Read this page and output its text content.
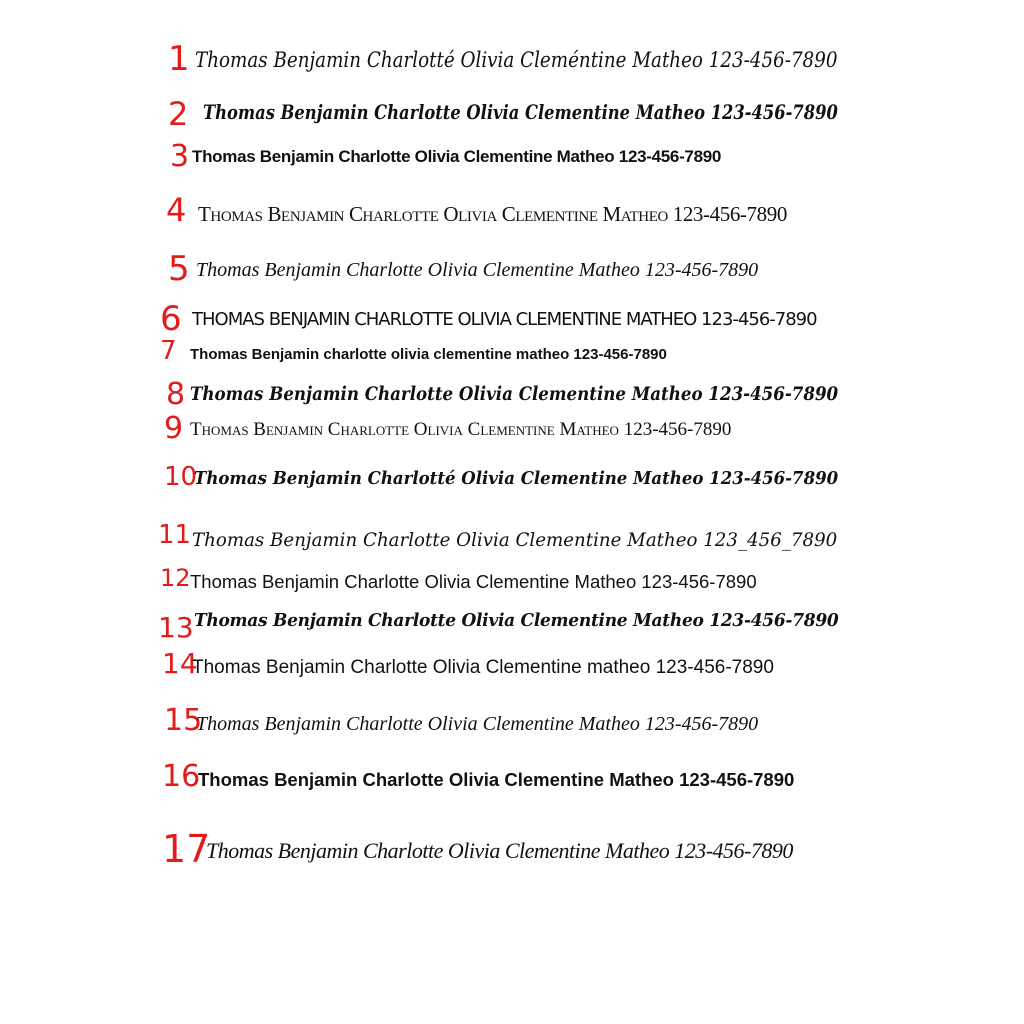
1 Thomas Benjamin Charlotté Olivia Cleméntine Matheo 123-456-7890
2 Thomas Benjamin Charlotte Olivia Clementine Matheo 123-456-7890
3 Thomas Benjamin Charlotte Olivia Clementine Matheo 123-456-7890
4 Thomas Benjamin Charlotte Olivia Clementine Matheo 123-456-7890
5 Thomas Benjamin Charlotte Olivia Clementine Matheo 123-456-7890
6 THOMAS BENJAMIN CHARLOTTE OLIVIA CLEMENTINE MATHEO 123-456-7890
7 Thomas Benjamin charlotte olivia clementine matheo 123-456-7890
8 Thomas Benjamin Charlotte Olivia Clementine Matheo 123-456-7890
9 Thomas Benjamin Charlotte Olivia Clementine Matheo 123-456-7890
10
Thomas Benjamin Charlotté Olivia Clementine Matheo 123-456-7890
11 Thomas Benjamin Charlotte Olivia Clementine Matheo 123_456_7890
12 Thomas Benjamin Charlotte Olivia Clementine Matheo 123-456-7890
13 Thomas Benjamin Charlotte Olivia Clementine Matheo 123-456-7890
14
Thomas Benjamin Charlotte Olivia Clementine matheo 123-456-7890
15
Thomas Benjamin Charlotte Olivia Clementine Matheo 123-456-7890
16
Thomas Benjamin Charlotte Olivia Clementine Matheo 123-456-7890
17
Thomas Benjamin Charlotte Olivia Clementine Matheo 123-456-7890
